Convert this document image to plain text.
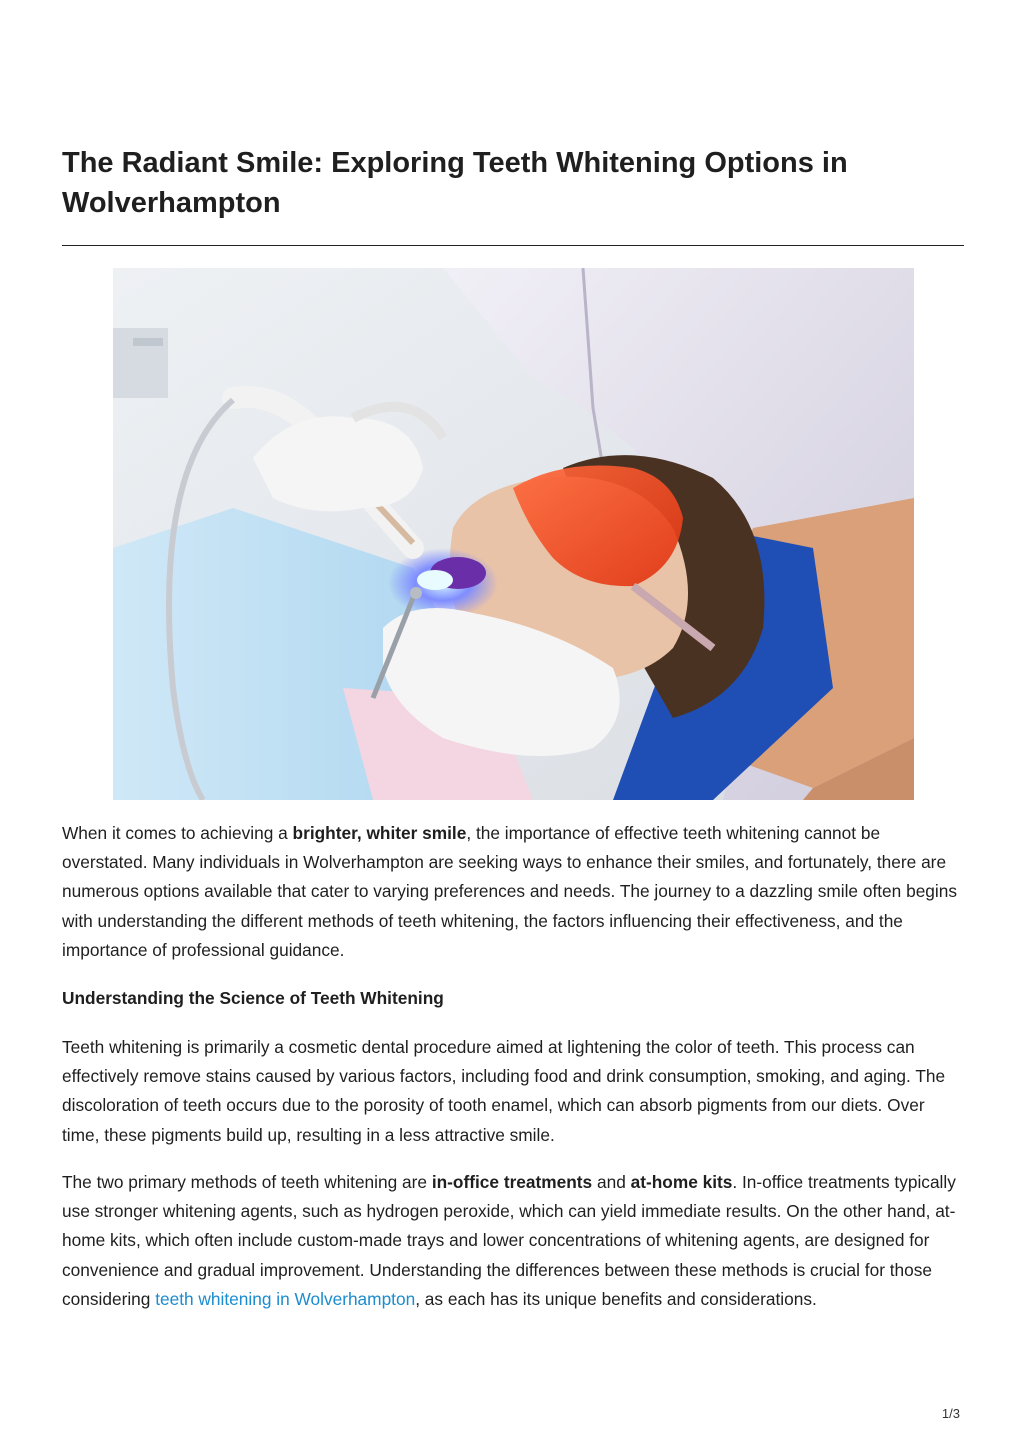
The Radiant Smile: Exploring Teeth Whitening Options in Wolverhampton

When it comes to achieving a brighter, whiter smile, the importance of effective teeth whitening cannot be overstated. Many individuals in Wolverhampton are seeking ways to enhance their smiles, and fortunately, there are numerous options available that cater to varying preferences and needs. The journey to a dazzling smile often begins with understanding the different methods of teeth whitening, the factors influencing their effectiveness, and the importance of professional guidance.

Understanding the Science of Teeth Whitening

Teeth whitening is primarily a cosmetic dental procedure aimed at lightening the color of teeth. This process can effectively remove stains caused by various factors, including food and drink consumption, smoking, and aging. The discoloration of teeth occurs due to the porosity of tooth enamel, which can absorb pigments from our diets. Over time, these pigments build up, resulting in a less attractive smile.

The two primary methods of teeth whitening are in-office treatments and at-home kits. In-office treatments typically use stronger whitening agents, such as hydrogen peroxide, which can yield immediate results. On the other hand, at-home kits, which often include custom-made trays and lower concentrations of whitening agents, are designed for convenience and gradual improvement. Understanding the differences between these methods is crucial for those considering teeth whitening in Wolverhampton, as each has its unique benefits and considerations.

1/3
